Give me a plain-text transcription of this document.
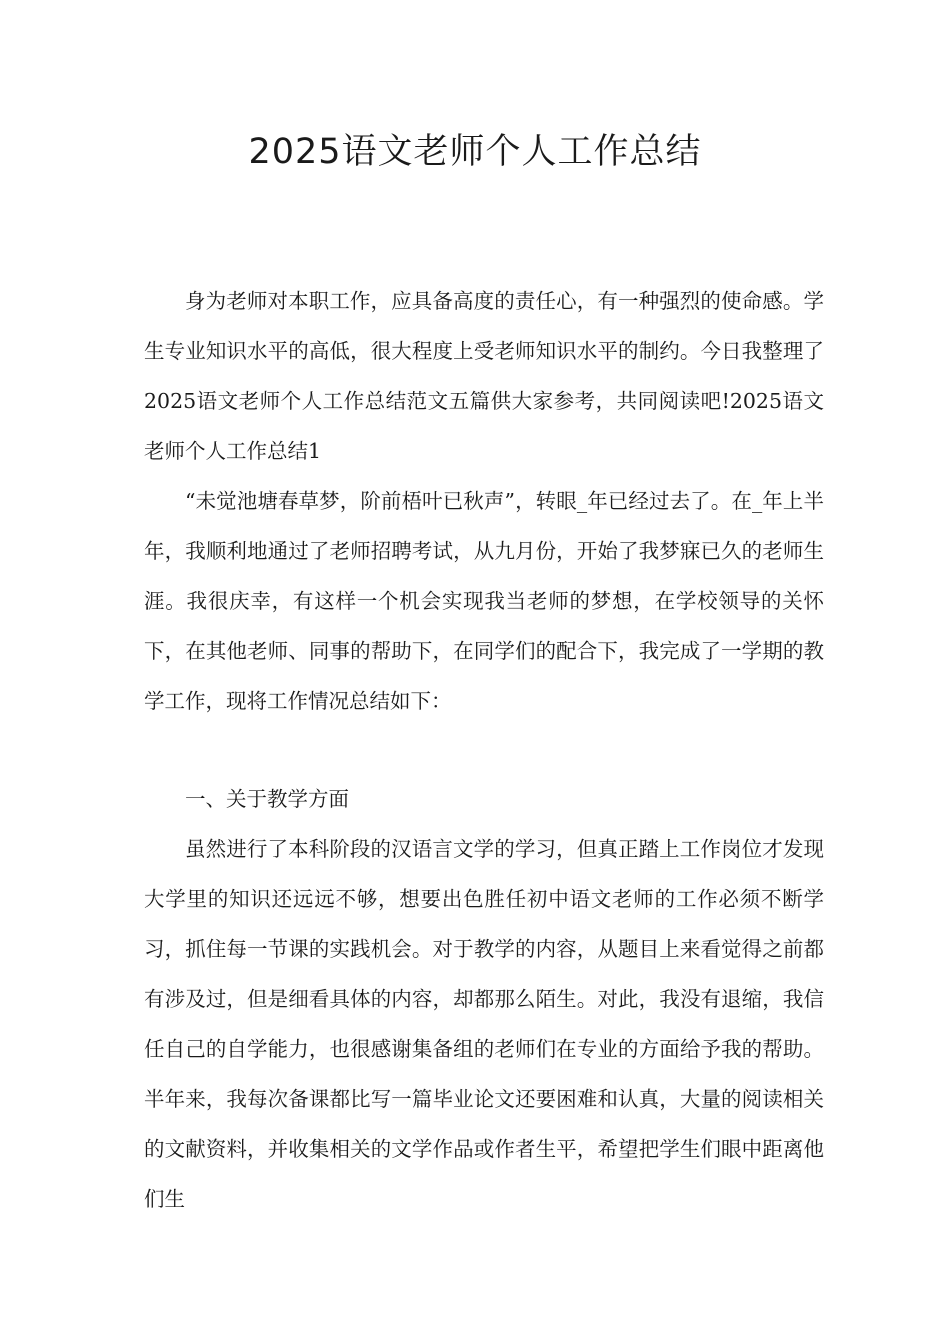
2025语文老师个人工作总结

身为老师对本职工作，应具备高度的责任心，有一种强烈的使命感。学生专业知识水平的高低，很大程度上受老师知识水平的制约。今日我整理了2025语文老师个人工作总结范文五篇供大家参考，共同阅读吧!2025语文老师个人工作总结1

“未觉池塘春草梦，阶前梧叶已秋声”，转眼_年已经过去了。在_年上半年，我顺利地通过了老师招聘考试，从九月份，开始了我梦寐已久的老师生涯。我很庆幸，有这样一个机会实现我当老师的梦想，在学校领导的关怀下，在其他老师、同事的帮助下，在同学们的配合下，我完成了一学期的教学工作，现将工作情况总结如下：

一、关于教学方面

虽然进行了本科阶段的汉语言文学的学习，但真正踏上工作岗位才发现大学里的知识还远远不够，想要出色胜任初中语文老师的工作必须不断学习，抓住每一节课的实践机会。对于教学的内容，从题目上来看觉得之前都有涉及过，但是细看具体的内容，却都那么陌生。对此，我没有退缩，我信任自己的自学能力，也很感谢集备组的老师们在专业的方面给予我的帮助。半年来，我每次备课都比写一篇毕业论文还要困难和认真，大量的阅读相关的文献资料，并收集相关的文学作品或作者生平，希望把学生们眼中距离他们生
